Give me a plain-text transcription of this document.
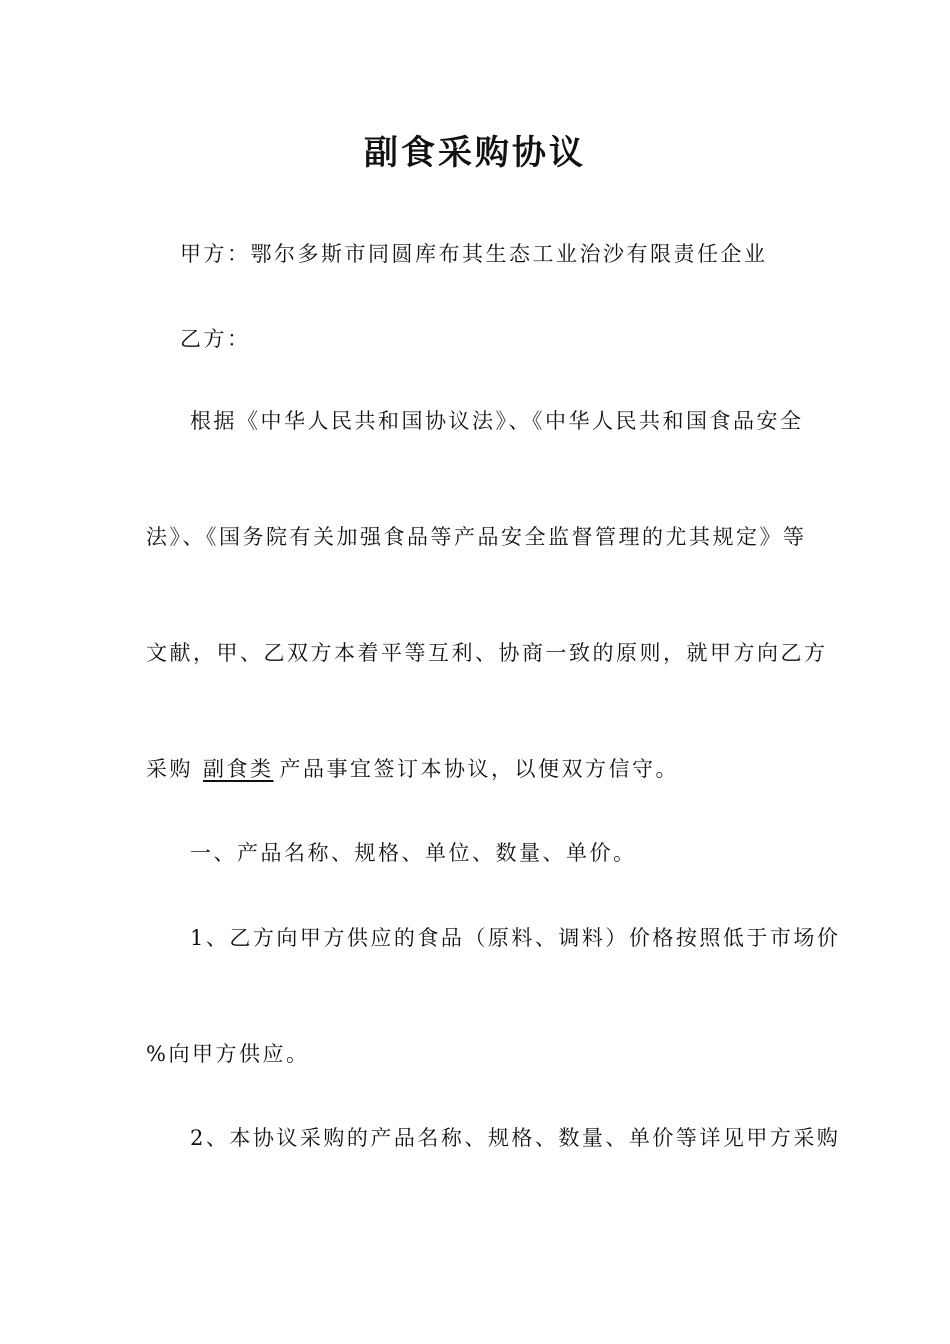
副食采购协议
甲方：鄂尔多斯市同圆库布其生态工业治沙有限责任企业
乙方：
根据《中华人民共和国协议法》、《中华人民共和国食品安全
法》、《国务院有关加强食品等产品安全监督管理的尤其规定》等
文献，甲、乙双方本着平等互利、协商一致的原则，就甲方向乙方
采购 副食类 产品事宜签订本协议，以便双方信守。
一、产品名称、规格、单位、数量、单价。
1、乙方向甲方供应的食品（原料、调料）价格按照低于市场价
%向甲方供应。
2、本协议采购的产品名称、规格、数量、单价等详见甲方采购
